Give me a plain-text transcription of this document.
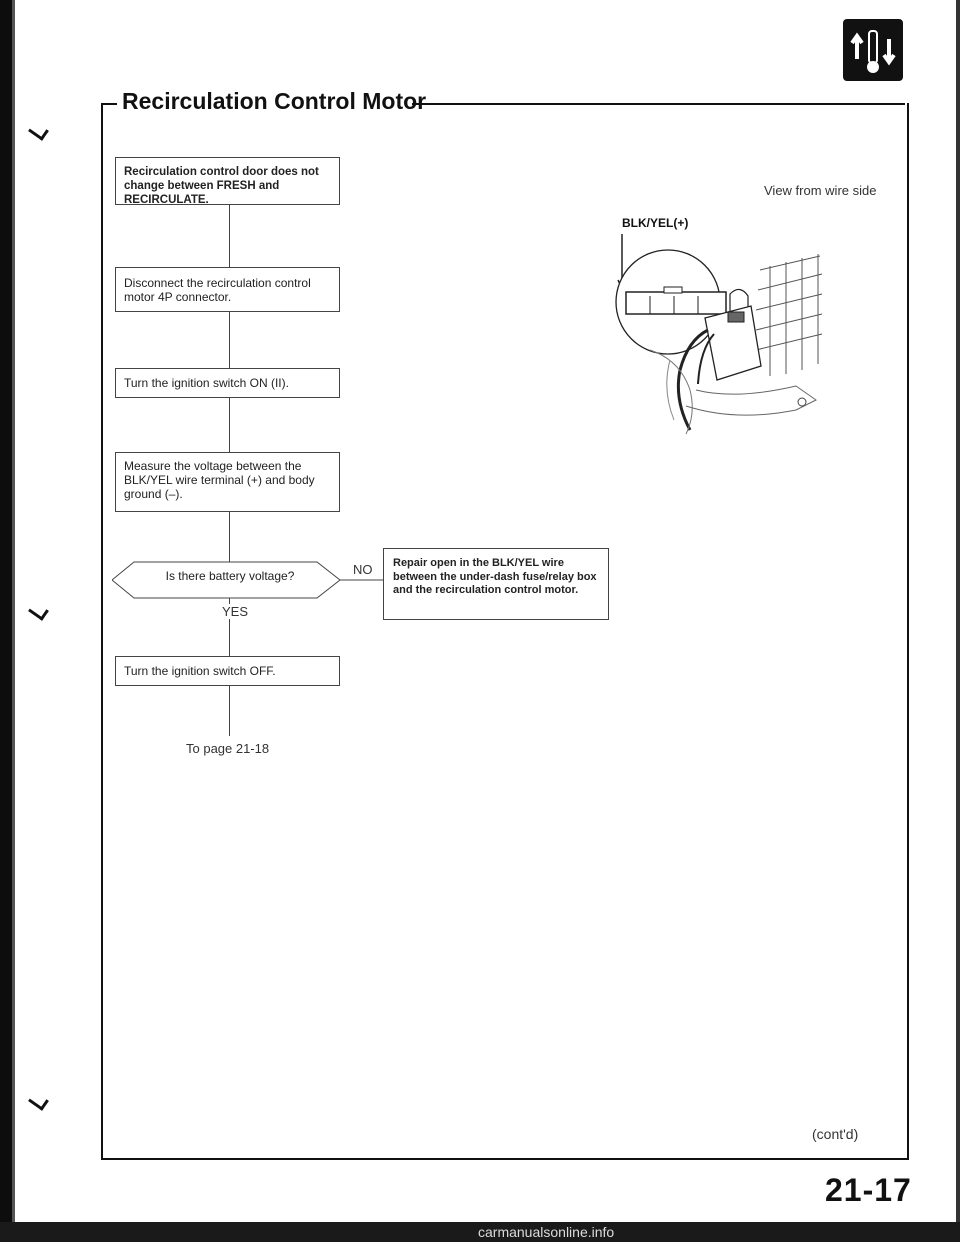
Recirculation Control Motor
Recirculation control door does not change between FRESH and RECIRCULATE.
Disconnect the recirculation control motor 4P connector.
Turn the ignition switch ON (II).
Measure the voltage between the BLK/YEL wire terminal (+) and body ground (–).
Is there battery voltage?	NO
YES
Repair open in the BLK/YEL wire between the under-dash fuse/relay box and the recirculation control motor.
Turn the ignition switch OFF.
To page 21-18
View from wire side
BLK/YEL(+)
(cont'd)
21-17
carmanualsonline.info
